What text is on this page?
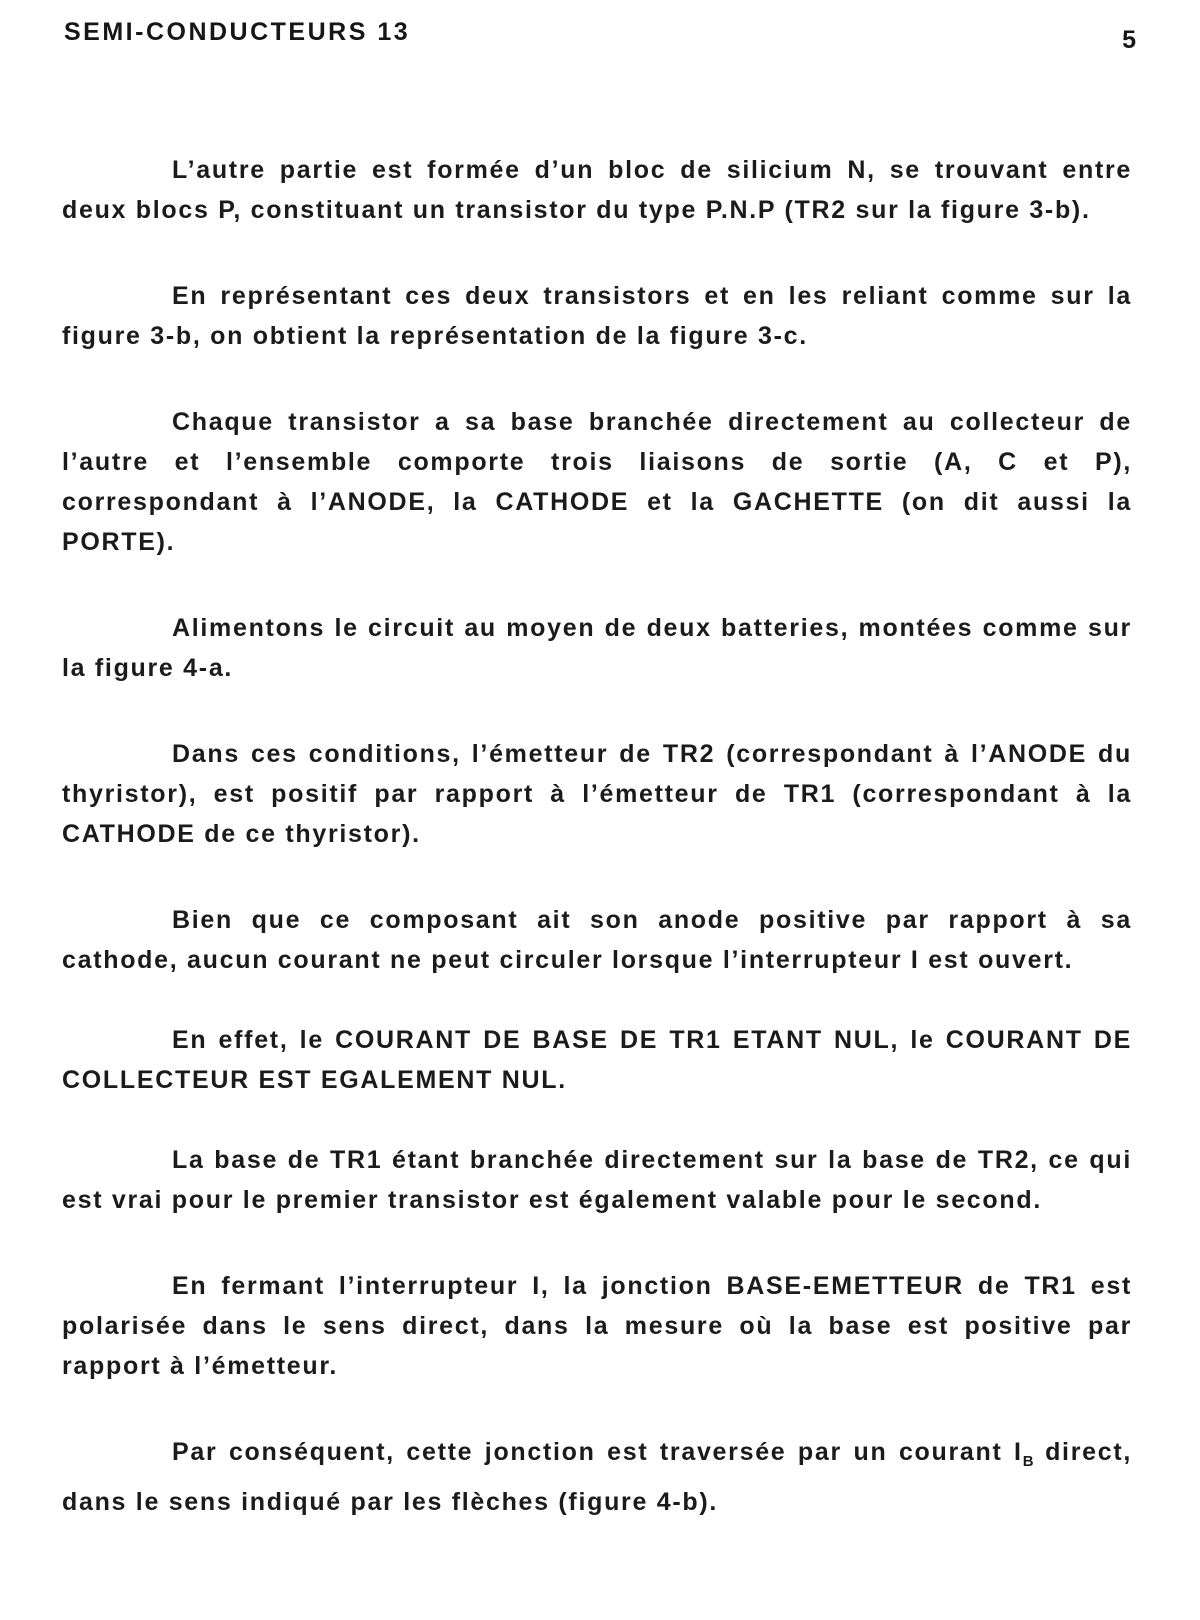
SEMI-CONDUCTEURS 13	5

L’autre partie est formée d’un bloc de silicium N, se trouvant entre deux blocs P, constituant un transistor du type P.N.P (TR2 sur la figure 3-b).

En représentant ces deux transistors et en les reliant comme sur la figure 3-b, on obtient la représentation de la figure 3-c.

Chaque transistor a sa base branchée directement au collecteur de l’autre et l’ensemble comporte trois liaisons de sortie (A, C et P), correspondant à l’ANODE, la CATHODE et la GACHETTE (on dit aussi la PORTE).

Alimentons le circuit au moyen de deux batteries, montées comme sur la figure 4-a.

Dans ces conditions, l’émetteur de TR2 (correspondant à l’ANODE du thyristor), est positif par rapport à l’émetteur de TR1 (correspondant à la CATHODE de ce thyristor).

Bien que ce composant ait son anode positive par rapport à sa cathode, aucun courant ne peut circuler lorsque l’interrupteur I est ouvert.

En effet, le COURANT DE BASE DE TR1 ETANT NUL, le COURANT DE COLLECTEUR EST EGALEMENT NUL.

La base de TR1 étant branchée directement sur la base de TR2, ce qui est vrai pour le premier transistor est également valable pour le second.

En fermant l’interrupteur I, la jonction BASE-EMETTEUR de TR1 est polarisée dans le sens direct, dans la mesure où la base est positive par rapport à l’émetteur.

Par conséquent, cette jonction est traversée par un courant $I_B$ direct, dans le sens indiqué par les flèches (figure 4-b).
